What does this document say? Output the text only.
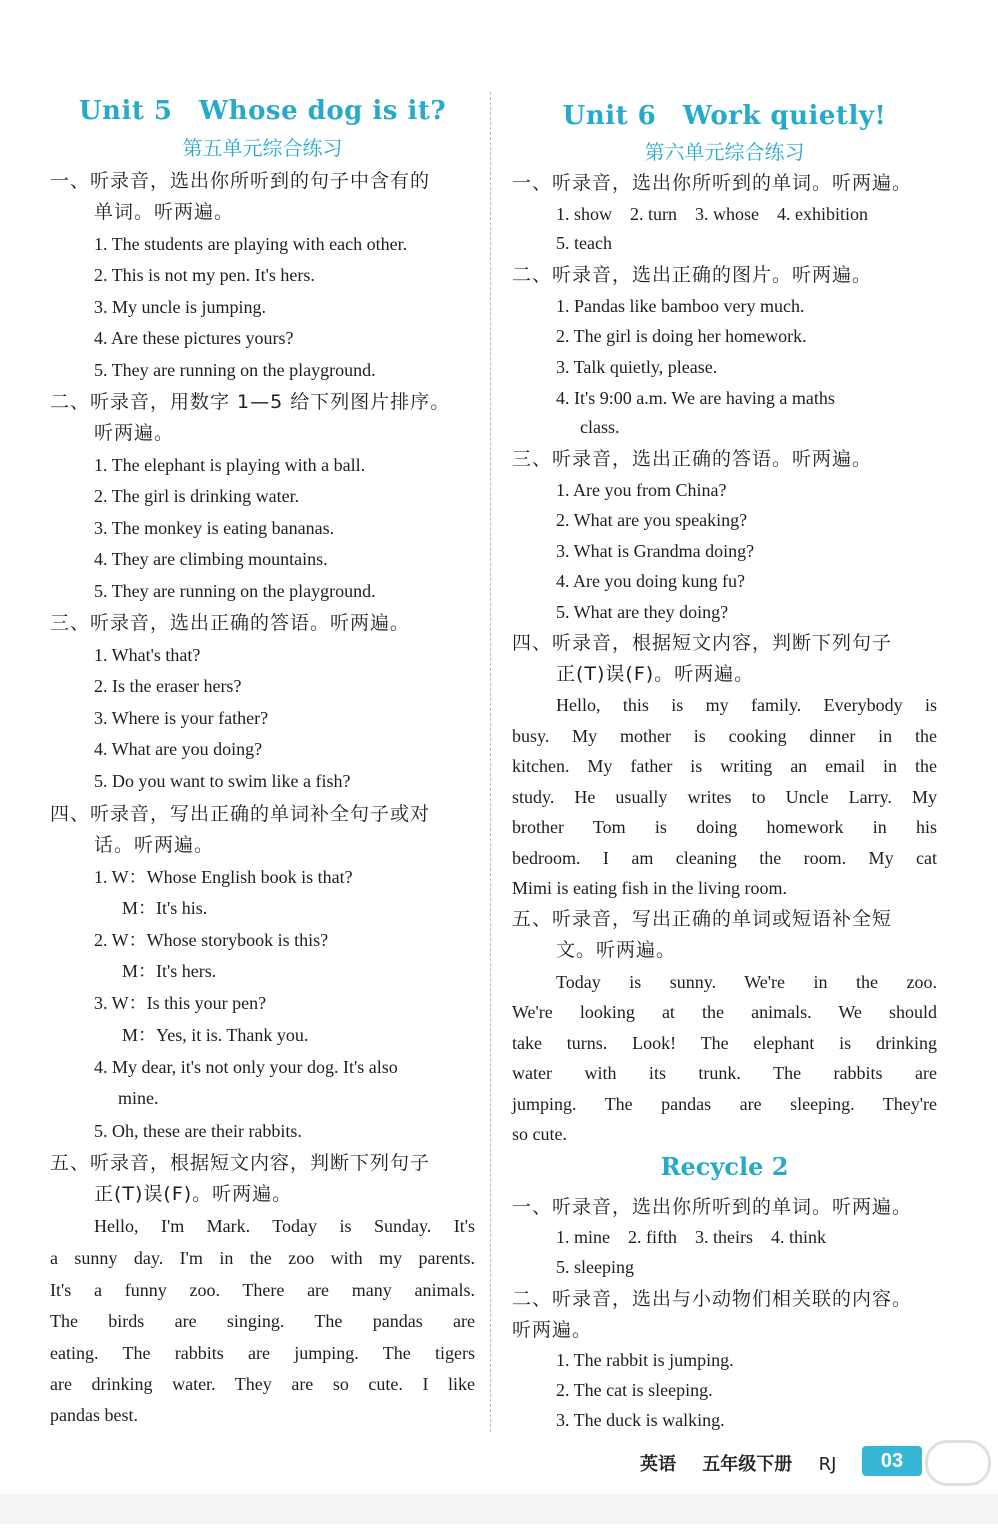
Unit 5　Whose dog is it?
第五单元综合练习
一、听录音，选出你所听到的句子中含有的
单词。听两遍。
1. The students are playing with each other.
2. This is not my pen. It's hers.
3. My uncle is jumping.
4. Are these pictures yours?
5. They are running on the playground.
二、听录音，用数字 1—5 给下列图片排序。
听两遍。
1. The elephant is playing with a ball.
2. The girl is drinking water.
3. The monkey is eating bananas.
4. They are climbing mountains.
5. They are running on the playground.
三、听录音，选出正确的答语。听两遍。
1. What's that?
2. Is the eraser hers?
3. Where is your father?
4. What are you doing?
5. Do you want to swim like a fish?
四、听录音，写出正确的单词补全句子或对
话。听两遍。
1. W：Whose English book is that?
M：It's his.
2. W：Whose storybook is this?
M：It's hers.
3. W：Is this your pen?
M：Yes, it is. Thank you.
4. My dear, it's not only your dog. It's also
mine.
5. Oh, these are their rabbits.
五、听录音，根据短文内容，判断下列句子
正(T)误(F)。听两遍。
Hello, I'm Mark. Today is Sunday. It's
a sunny day. I'm in the zoo with my parents.
It's a funny zoo. There are many animals.
The birds are singing. The pandas are
eating. The rabbits are jumping. The tigers
are drinking water. They are so cute. I like
pandas best.
Unit 6　Work quietly!
第六单元综合练习
一、听录音，选出你所听到的单词。听两遍。
1. show　2. turn　3. whose　4. exhibition
5. teach
二、听录音，选出正确的图片。听两遍。
1. Pandas like bamboo very much.
2. The girl is doing her homework.
3. Talk quietly, please.
4. It's 9:00 a.m. We are having a maths
class.
三、听录音，选出正确的答语。听两遍。
1. Are you from China?
2. What are you speaking?
3. What is Grandma doing?
4. Are you doing kung fu?
5. What are they doing?
四、听录音，根据短文内容，判断下列句子
正(T)误(F)。听两遍。
Hello, this is my family. Everybody is
busy. My mother is cooking dinner in the
kitchen. My father is writing an email in the
study. He usually writes to Uncle Larry. My
brother Tom is doing homework in his
bedroom. I am cleaning the room. My cat
Mimi is eating fish in the living room.
五、听录音，写出正确的单词或短语补全短
文。听两遍。
Today is sunny. We're in the zoo.
We're looking at the animals. We should
take turns. Look! The elephant is drinking
water with its trunk. The rabbits are
jumping. The pandas are sleeping. They're
so cute.
Recycle 2
一、听录音，选出你所听到的单词。听两遍。
1. mine　2. fifth　3. theirs　4. think
5. sleeping
二、听录音，选出与小动物们相关联的内容。
听两遍。
1. The rabbit is jumping.
2. The cat is sleeping.
3. The duck is walking.
英语 五年级下册 RJ	03
